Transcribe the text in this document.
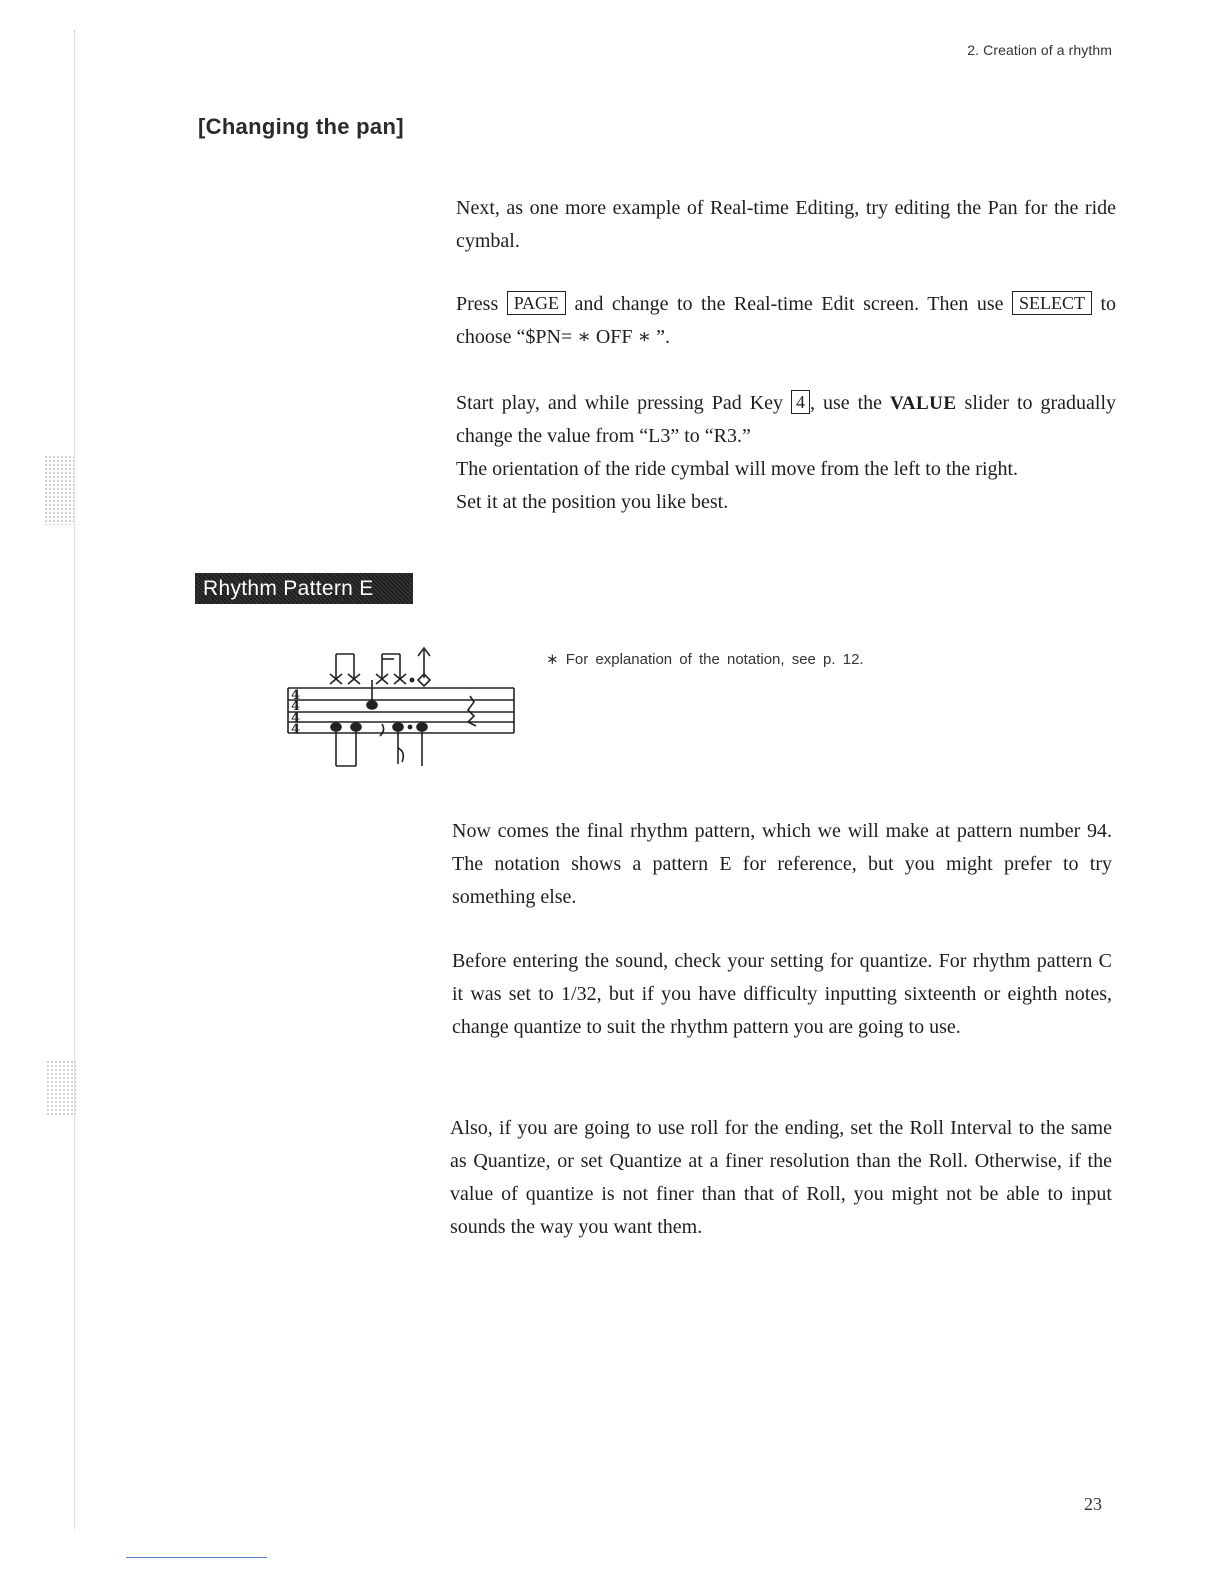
2. Creation of a rhythm
[Changing the pan]

Next, as one more example of Real-time Editing, try editing the Pan for the ride cymbal.

Press PAGE and change to the Real-time Edit screen. Then use SELECT to choose “$PN= ∗ OFF ∗ ”.

Start play, and while pressing Pad Key 4 , use the VALUE slider to gradually change the value from “L3” to “R3.”

The orientation of the ride cymbal will move from the left to the right.

Set it at the position you like best.

Rhythm Pattern E
4
4
4
4
∗ For explanation of the notation, see p. 12.

Now comes the final rhythm pattern, which we will make at pattern number 94. The notation shows a pattern E for reference, but you might prefer to try something else.

Before entering the sound, check your setting for quantize. For rhythm pattern C it was set to 1/32, but if you have difficulty inputting sixteenth or eighth notes, change quantize to suit the rhythm pattern you are going to use.

Also, if you are going to use roll for the ending, set the Roll Interval to the same as Quantize, or set Quantize at a finer resolution than the Roll. Otherwise, if the value of quantize is not finer than that of Roll, you might not be able to input sounds the way you want them.

23
